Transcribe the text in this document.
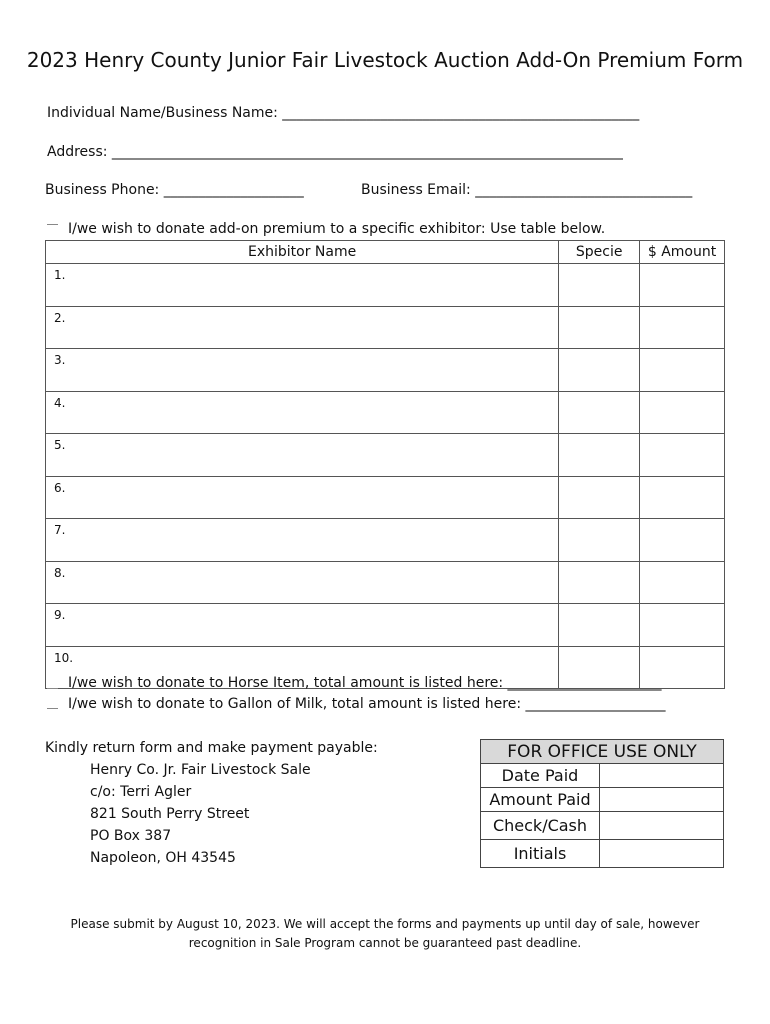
2023 Henry County Junior Fair Livestock Auction Add-On Premium Form
Individual Name/Business Name: ___________________________________________________
Address: _________________________________________________________________________
Business Phone: ____________________	Business Email: _______________________________
I/we wish to donate add-on premium to a specific exhibitor: Use table below.
Exhibitor Name	Specie	$ Amount
1.		
2.		
3.		
4.		
5.		
6.		
7.		
8.		
9.		
10.		
I/we wish to donate to Horse Item, total amount is listed here: ______________________
I/we wish to donate to Gallon of Milk, total amount is listed here: ____________________
Kindly return form and make payment payable:
Henry Co. Jr. Fair Livestock Sale
c/o: Terri Agler
821 South Perry Street
PO Box 387
Napoleon, OH 43545
FOR OFFICE USE ONLY	
Date Paid	
Amount Paid	
Check/Cash	
Initials	
Please submit by August 10, 2023. We will accept the forms and payments up until day of sale, however
recognition in Sale Program cannot be guaranteed past deadline.
